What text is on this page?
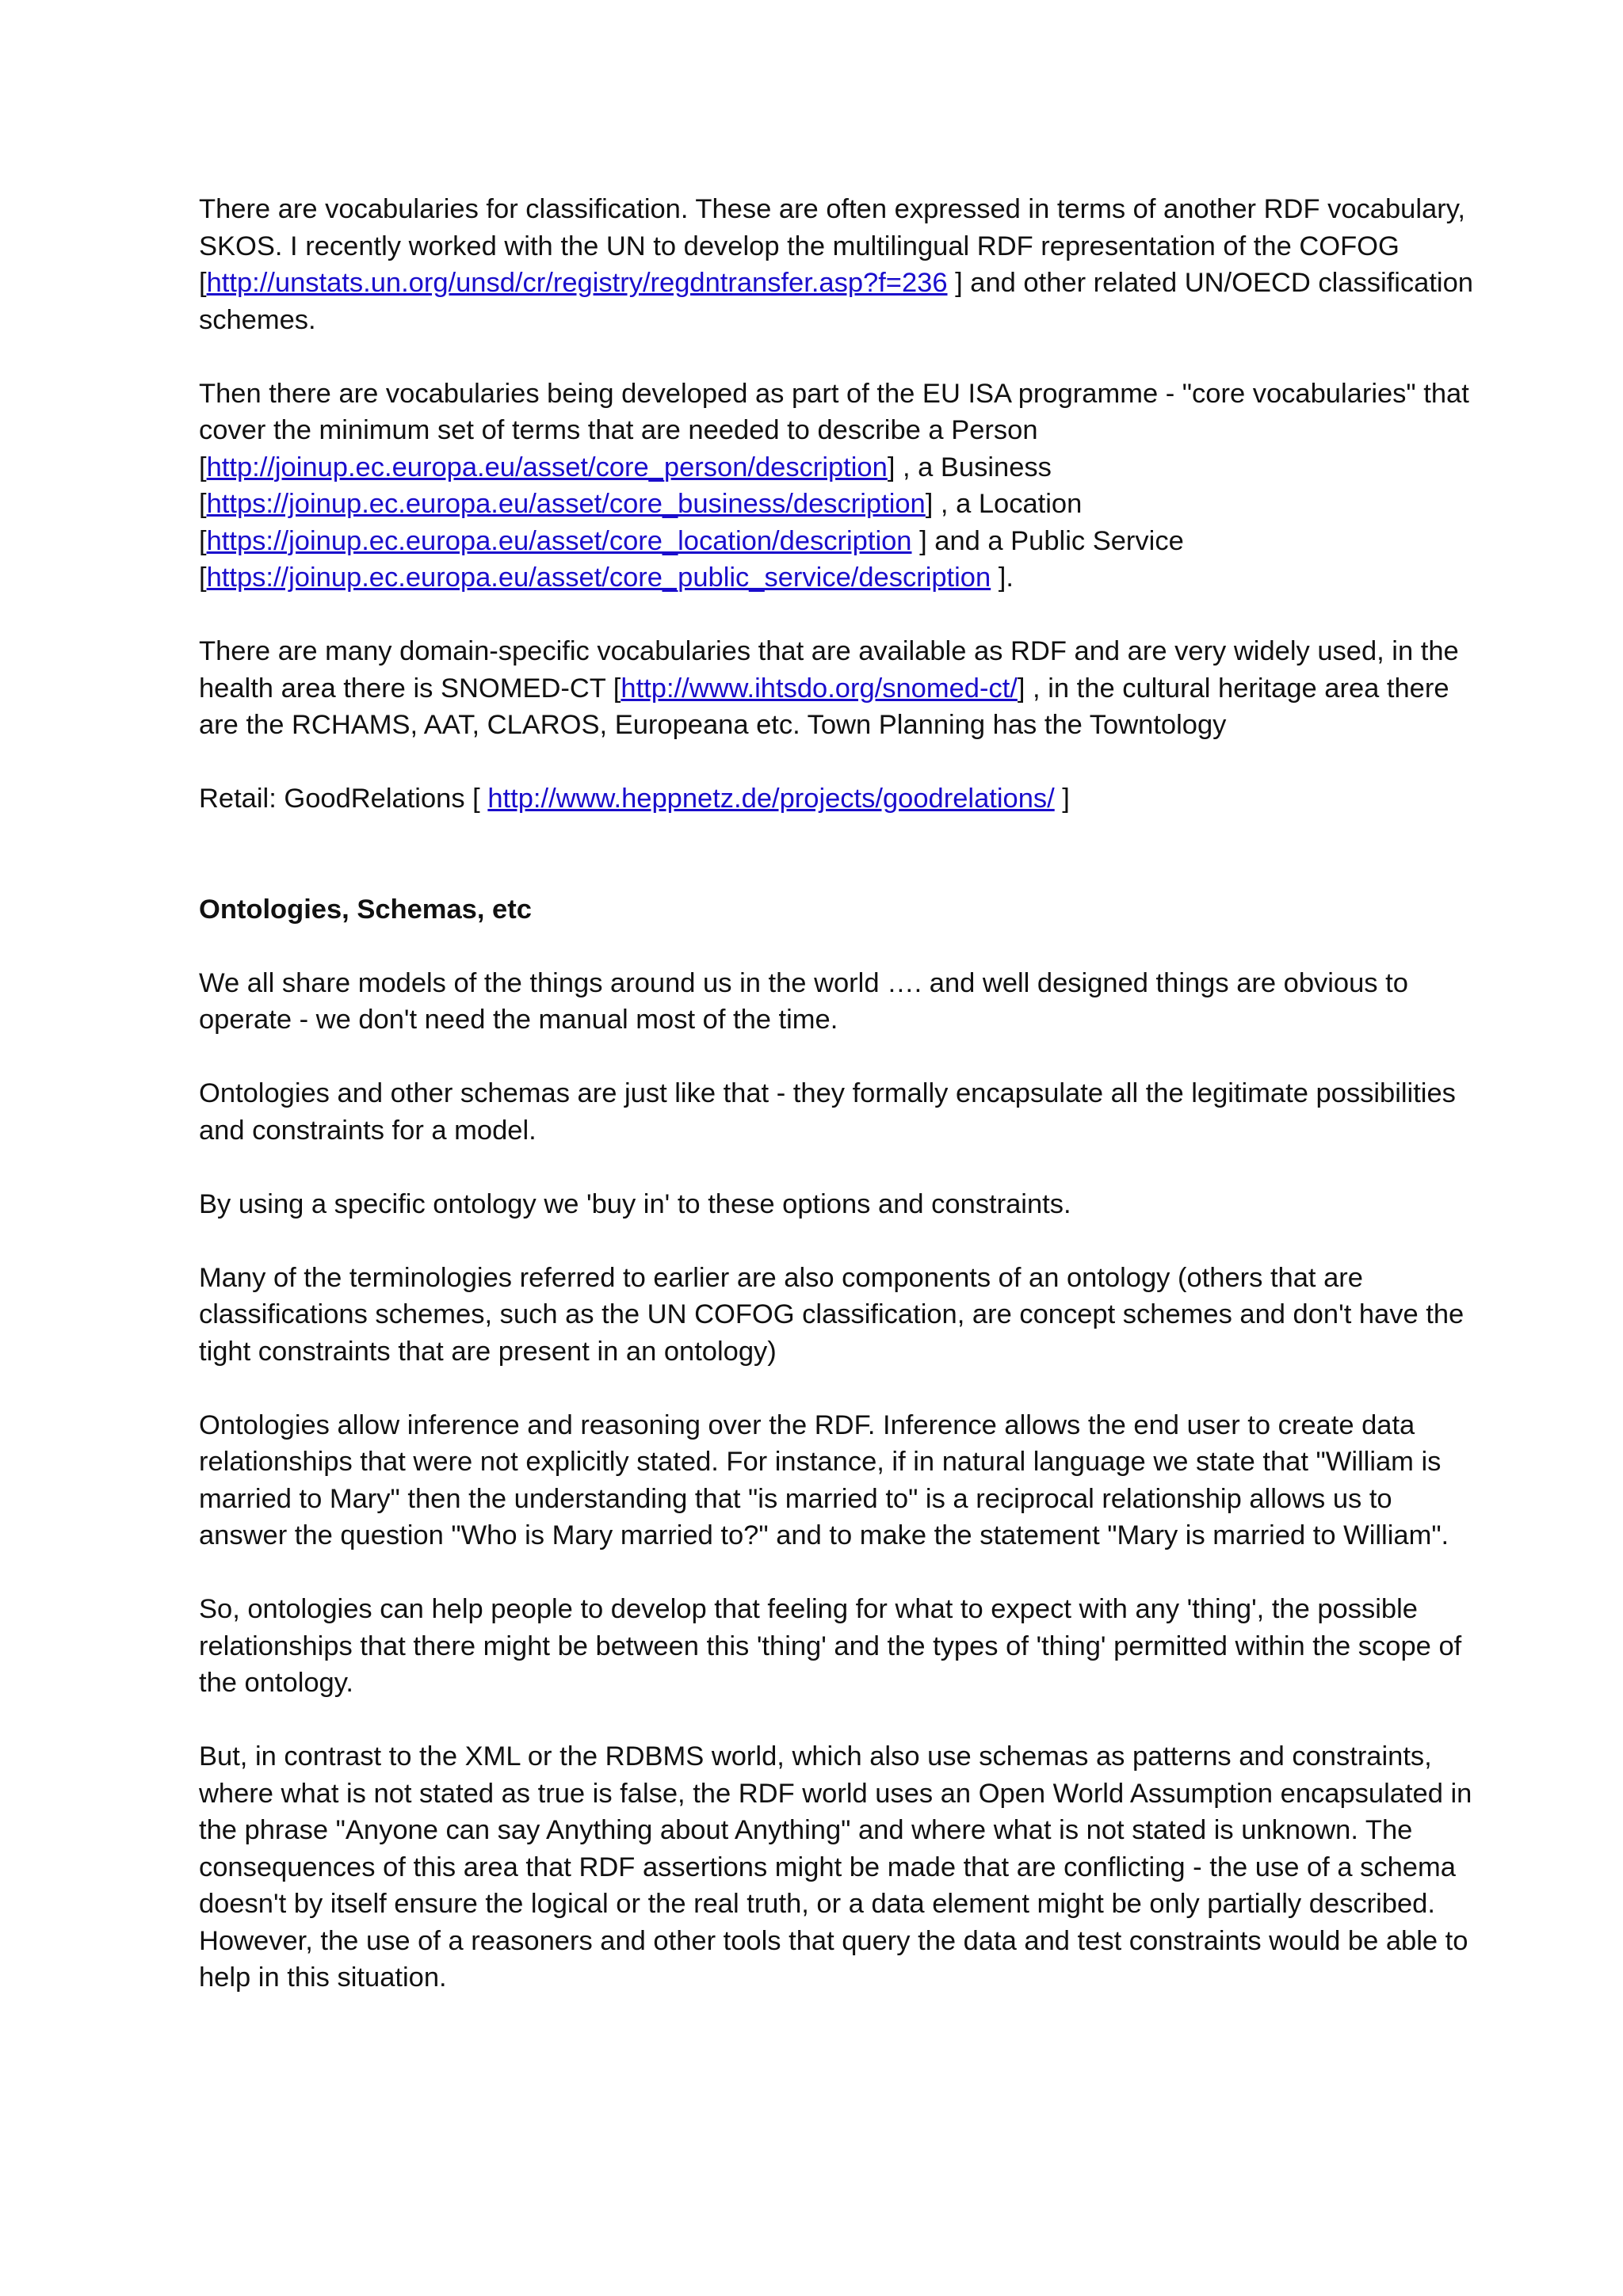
There are vocabularies for classification. These are often expressed in terms of another RDF vocabulary, SKOS. I recently worked with the UN to develop the multilingual RDF representation of the COFOG [http://unstats.un.org/unsd/cr/registry/regdntransfer.asp?f=236 ] and other related UN/OECD classification schemes.

Then there are vocabularies being developed as part of the EU ISA programme - "core vocabularies" that cover the minimum set of terms that are needed to describe a Person [http://joinup.ec.europa.eu/asset/core_person/description] , a Business [https://joinup.ec.europa.eu/asset/core_business/description] , a Location [https://joinup.ec.europa.eu/asset/core_location/description ] and a Public Service [https://joinup.ec.europa.eu/asset/core_public_service/description ].

There are many domain-specific vocabularies that are available as RDF and are very widely used, in the health area there is SNOMED-CT [http://www.ihtsdo.org/snomed-ct/] , in the cultural heritage area there are the RCHAMS, AAT, CLAROS, Europeana etc. Town Planning has the Towntology

Retail: GoodRelations [ http://www.heppnetz.de/projects/goodrelations/ ]

Ontologies, Schemas, etc

We all share models of the things around us in the world …. and well designed things are obvious to operate - we don't need the manual most of the time.

Ontologies and other schemas are just like that - they formally encapsulate all the legitimate possibilities and constraints for a model.

By using a specific ontology we 'buy in' to these options and constraints.

Many of the terminologies referred to earlier are also components of an ontology (others that are classifications schemes, such as the UN COFOG classification, are concept schemes and don't have the tight constraints that are present in an ontology)

Ontologies allow inference and reasoning over the RDF. Inference allows the end user to create data relationships that were not explicitly stated. For instance, if in natural language we state that "William is married to Mary" then the understanding that "is married to" is a reciprocal relationship allows us to answer the question "Who is Mary married to?" and to make the statement "Mary is married to William".

So, ontologies can help people to develop that feeling for what to expect with any 'thing', the possible relationships that there might be between this 'thing' and the types of 'thing' permitted within the scope of the ontology.

But, in contrast to the XML or the RDBMS world, which also use schemas as patterns and constraints, where what is not stated as true is false, the RDF world uses an Open World Assumption encapsulated in the phrase "Anyone can say Anything about Anything" and where what is not stated is unknown. The consequences of this area that RDF assertions might be made that are conflicting - the use of a schema doesn't by itself ensure the logical or the real truth, or a data element might be only partially described. However, the use of a reasoners and other tools that query the data and test constraints would be able to help in this situation.
